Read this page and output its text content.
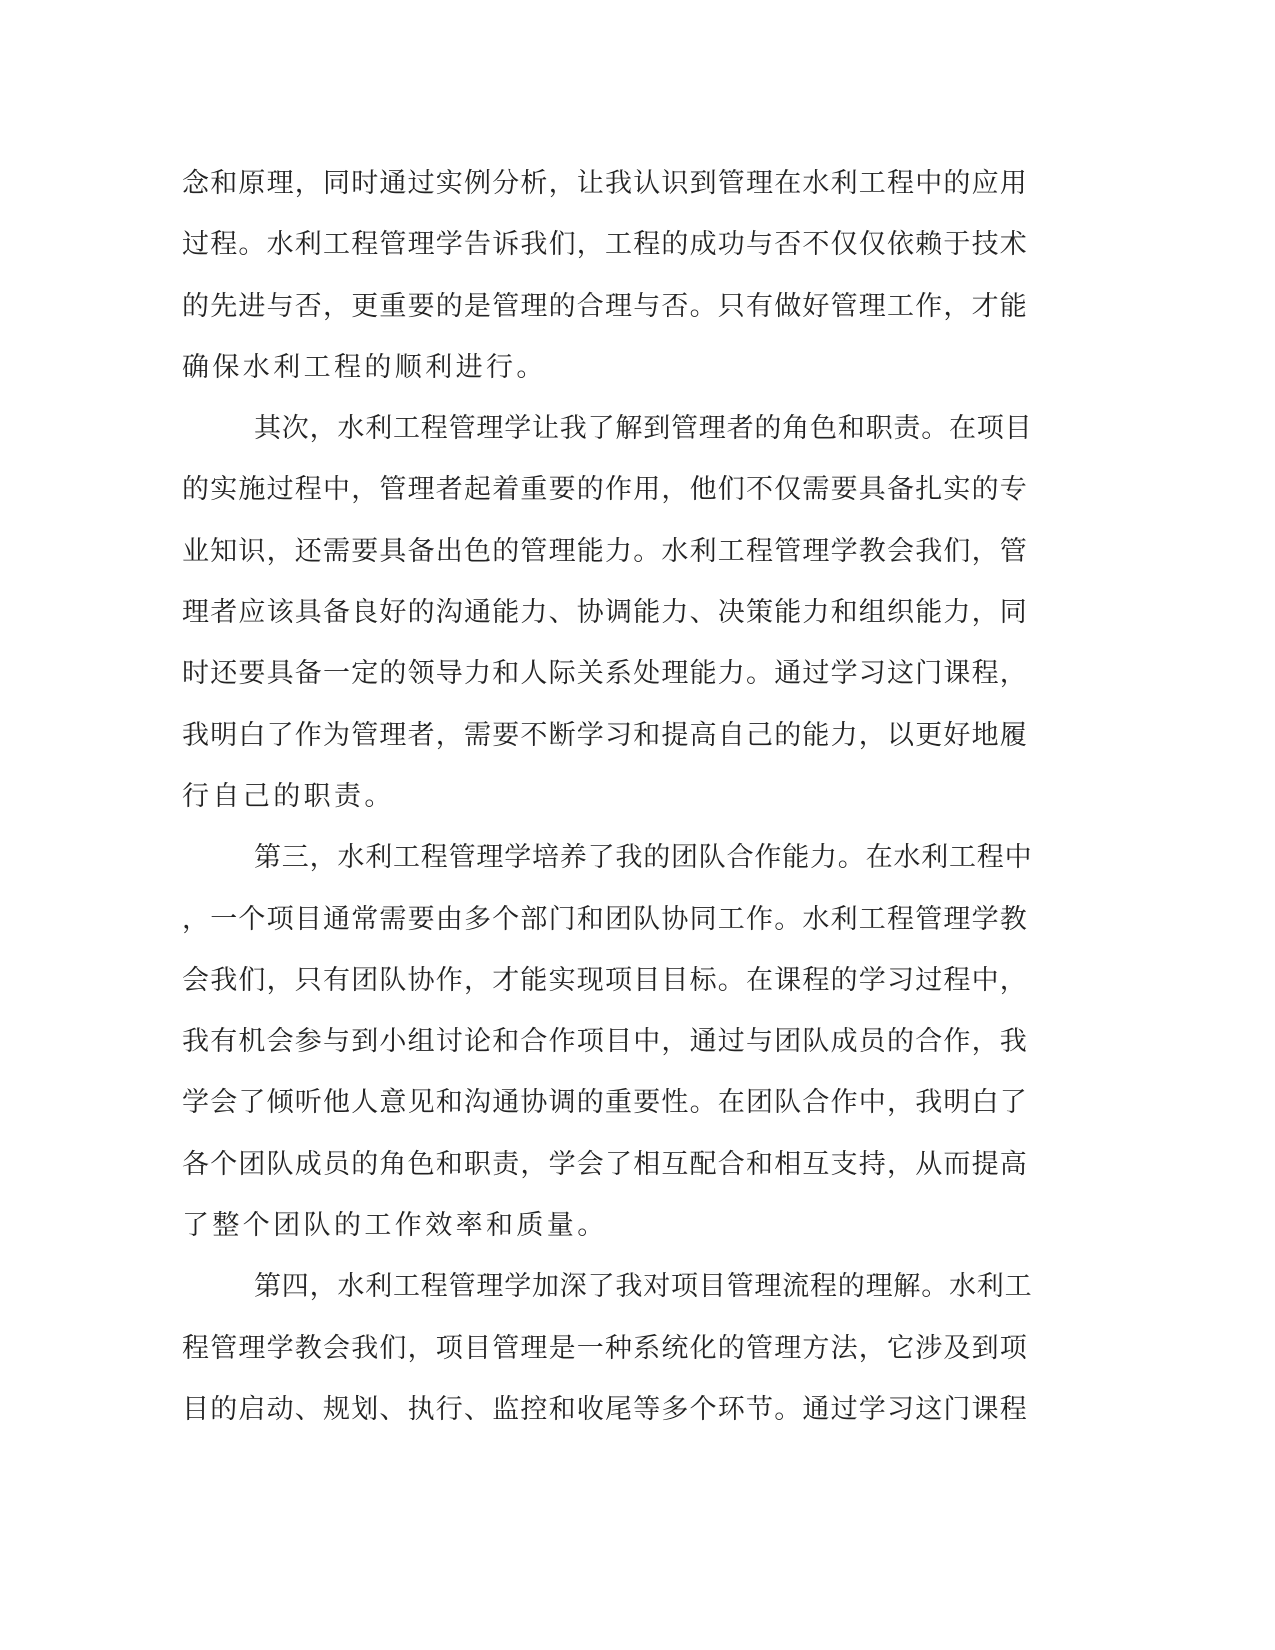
念和原理，同时通过实例分析，让我认识到管理在水利工程中的应用
过程。水利工程管理学告诉我们，工程的成功与否不仅仅依赖于技术
的先进与否，更重要的是管理的合理与否。只有做好管理工作，才能
确保水利工程的顺利进行。
其次，水利工程管理学让我了解到管理者的角色和职责。在项目
的实施过程中，管理者起着重要的作用，他们不仅需要具备扎实的专
业知识，还需要具备出色的管理能力。水利工程管理学教会我们，管
理者应该具备良好的沟通能力、协调能力、决策能力和组织能力，同
时还要具备一定的领导力和人际关系处理能力。通过学习这门课程，
我明白了作为管理者，需要不断学习和提高自己的能力，以更好地履
行自己的职责。
第三，水利工程管理学培养了我的团队合作能力。在水利工程中
，一个项目通常需要由多个部门和团队协同工作。水利工程管理学教
会我们，只有团队协作，才能实现项目目标。在课程的学习过程中，
我有机会参与到小组讨论和合作项目中，通过与团队成员的合作，我
学会了倾听他人意见和沟通协调的重要性。在团队合作中，我明白了
各个团队成员的角色和职责，学会了相互配合和相互支持，从而提高
了整个团队的工作效率和质量。
第四，水利工程管理学加深了我对项目管理流程的理解。水利工
程管理学教会我们，项目管理是一种系统化的管理方法，它涉及到项
目的启动、规划、执行、监控和收尾等多个环节。通过学习这门课程
